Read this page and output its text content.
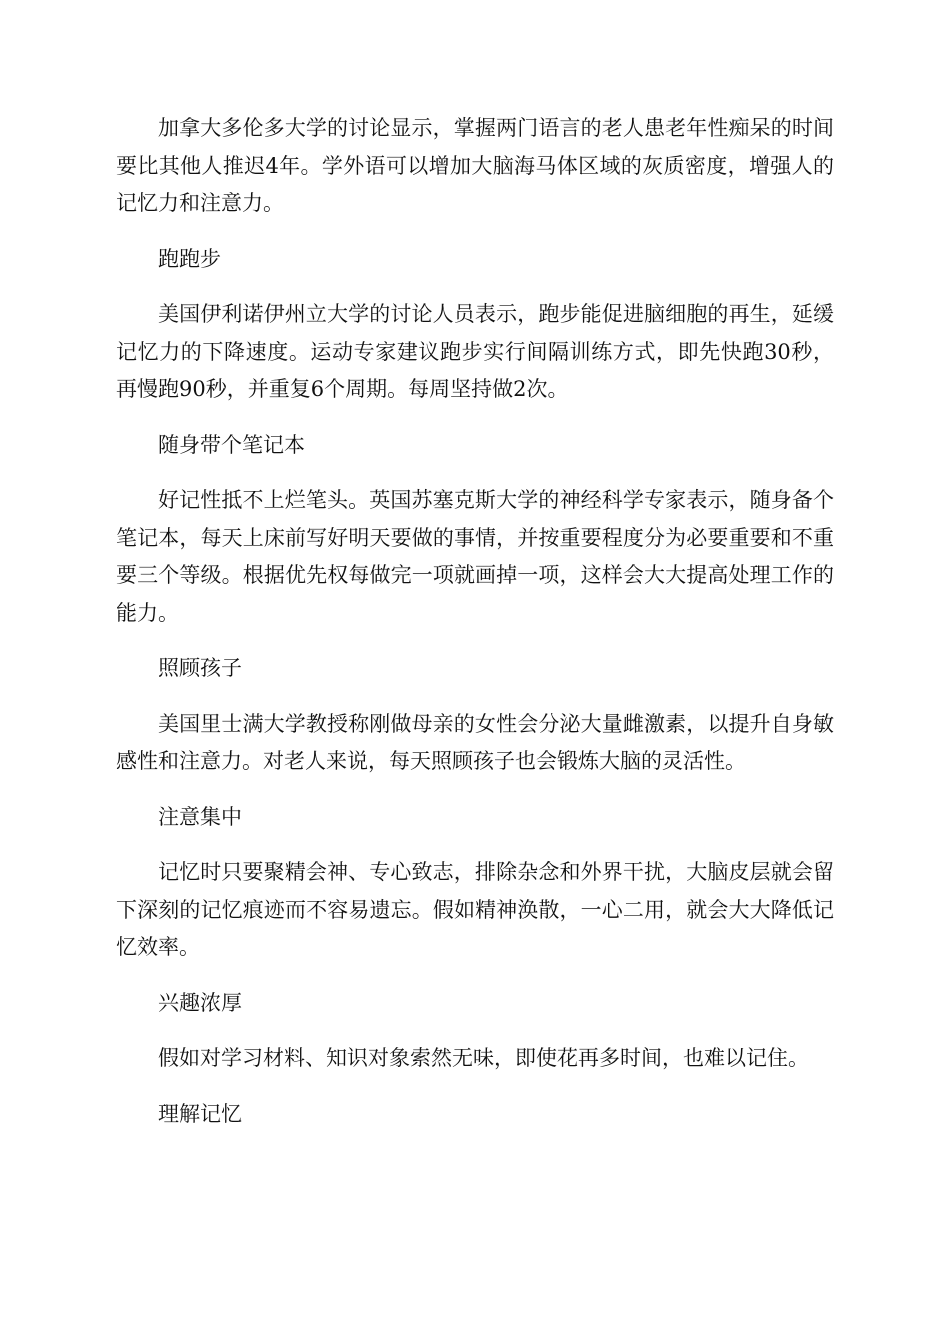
加拿大多伦多大学的讨论显示，掌握两门语言的老人患老年性痴呆的时间要比其他人推迟4年。学外语可以增加大脑海马体区域的灰质密度，增强人的记忆力和注意力。

跑跑步

美国伊利诺伊州立大学的讨论人员表示，跑步能促进脑细胞的再生，延缓记忆力的下降速度。运动专家建议跑步实行间隔训练方式，即先快跑30秒，再慢跑90秒，并重复6个周期。每周坚持做2次。

随身带个笔记本

好记性抵不上烂笔头。英国苏塞克斯大学的神经科学专家表示，随身备个笔记本，每天上床前写好明天要做的事情，并按重要程度分为必要重要和不重要三个等级。根据优先权每做完一项就画掉一项，这样会大大提高处理工作的能力。

照顾孩子

美国里士满大学教授称刚做母亲的女性会分泌大量雌激素，以提升自身敏感性和注意力。对老人来说，每天照顾孩子也会锻炼大脑的灵活性。

注意集中

记忆时只要聚精会神、专心致志，排除杂念和外界干扰，大脑皮层就会留下深刻的记忆痕迹而不容易遗忘。假如精神涣散，一心二用，就会大大降低记忆效率。

兴趣浓厚

假如对学习材料、知识对象索然无味，即使花再多时间，也难以记住。

理解记忆
